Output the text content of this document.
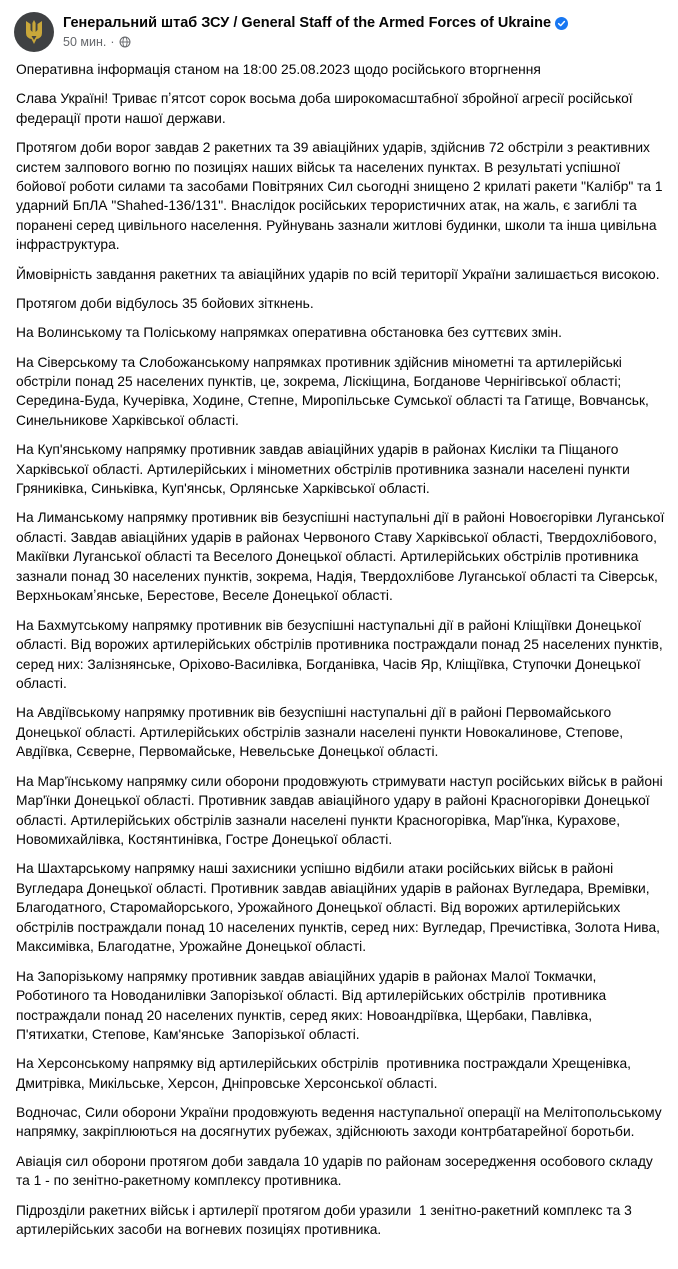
Генеральний штаб ЗСУ / General Staff of the Armed Forces of Ukraine
50 мин. ·

Оперативна інформація станом на 18:00 25.08.2023 щодо російського вторгнення

Слава Україні! Триває пʼятсот сорок восьма доба широкомасштабної збройної агресії російської федерації проти нашої держави.

Протягом доби ворог завдав 2 ракетних та 39 авіаційних ударів, здійснив 72 обстріли з реактивних систем залпового вогню по позиціях наших військ та населених пунктах. В результаті успішної бойової роботи силами та засобами Повітряних Сил сьогодні знищено 2 крилаті ракети "Калібр" та 1 ударний БпЛА "Shahed-136/131". Внаслідок російських терористичних атак, на жаль, є загиблі та поранені серед цивільного населення. Руйнувань зазнали житлові будинки, школи та інша цивільна інфраструктура.

Ймовірність завдання ракетних та авіаційних ударів по всій території України залишається високою.

Протягом доби відбулось 35 бойових зіткнень.

На Волинському та Поліському напрямках оперативна обстановка без суттєвих змін.

На Сіверському та Слобожанському напрямках противник здійснив мінометні та артилерійські обстріли понад 25 населених пунктів, це, зокрема, Ліскіщина, Богданове Чернігівської області; Середина-Буда, Кучерівка, Ходине, Степне, Миропільське Сумської області та Гатище, Вовчанськ, Синельникове Харківської області.

На Куп'янському напрямку противник завдав авіаційних ударів в районах Кисліки та Піщаного Харківської області. Артилерійських і мінометних обстрілів противника зазнали населені пункти Гряниківка, Синьківка, Куп'янськ, Орлянське Харківської області.

На Лиманському напрямку противник вів безуспішні наступальні дії в районі Новоєгорівки Луганської області. Завдав авіаційних ударів в районах Червоного Ставу Харківської області, Твердохлібового, Макіївки Луганської області та Веселого Донецької області. Артилерійських обстрілів противника зазнали понад 30 населених пунктів, зокрема, Надія, Твердохлібове Луганської області та Сіверськ, Верхньокамʼянське, Берестове, Веселе Донецької області.

На Бахмутському напрямку противник вів безуспішні наступальні дії в районі Кліщіївки Донецької області. Від ворожих артилерійських обстрілів противника постраждали понад 25 населених пунктів, серед них: Залізнянське, Оріхово-Василівка, Богданівка, Часів Яр, Кліщіївка, Ступочки Донецької області.

На Авдіївському напрямку противник вів безуспішні наступальні дії в районі Первомайського Донецької області. Артилерійських обстрілів зазнали населені пункти Новокалинове, Степове, Авдіївка, Сєверне, Первомайське, Невельське Донецької області.

На Мар'їнському напрямку сили оборони продовжують стримувати наступ російських військ в районі Мар'їнки Донецької області. Противник завдав авіаційного удару в районі Красногорівки Донецької області. Артилерійських обстрілів зазнали населені пункти Красногорівка, Мар'їнка, Курахове, Новомихайлівка, Костянтинівка, Гостре Донецької області.

На Шахтарському напрямку наші захисники успішно відбили атаки російських військ в районі Вугледара Донецької області. Противник завдав авіаційних ударів в районах Вугледара, Времівки, Благодатного, Старомайорського, Урожайного Донецької області. Від ворожих артилерійських обстрілів постраждали понад 10 населених пунктів, серед них: Вугледар, Пречистівка, Золота Нива, Максимівка, Благодатне, Урожайне Донецької області.

На Запорізькому напрямку противник завдав авіаційних ударів в районах Малої Токмачки, Роботиного та Новоданилівки Запорізької області. Від артилерійських обстрілів  противника постраждали понад 20 населених пунктів, серед яких: Новоандріївка, Щербаки, Павлівка, П'ятихатки, Степове, Кам'янське  Запорізької області.

На Херсонському напрямку від артилерійських обстрілів  противника постраждали Хрещенівка, Дмитрівка, Микільське, Херсон, Дніпровське Херсонської області.

Водночас, Сили оборони України продовжують ведення наступальної операції на Мелітопольському напрямку, закріплюються на досягнутих рубежах, здійснюють заходи контрбатарейної боротьби.

Авіація сил оборони протягом доби завдала 10 ударів по районам зосередження особового складу та 1 - по зенітно-ракетному комплексу противника.

Підрозділи ракетних військ і артилерії протягом доби уразили  1 зенітно-ракетний комплекс та 3 артилерійських засоби на вогневих позиціях противника.
